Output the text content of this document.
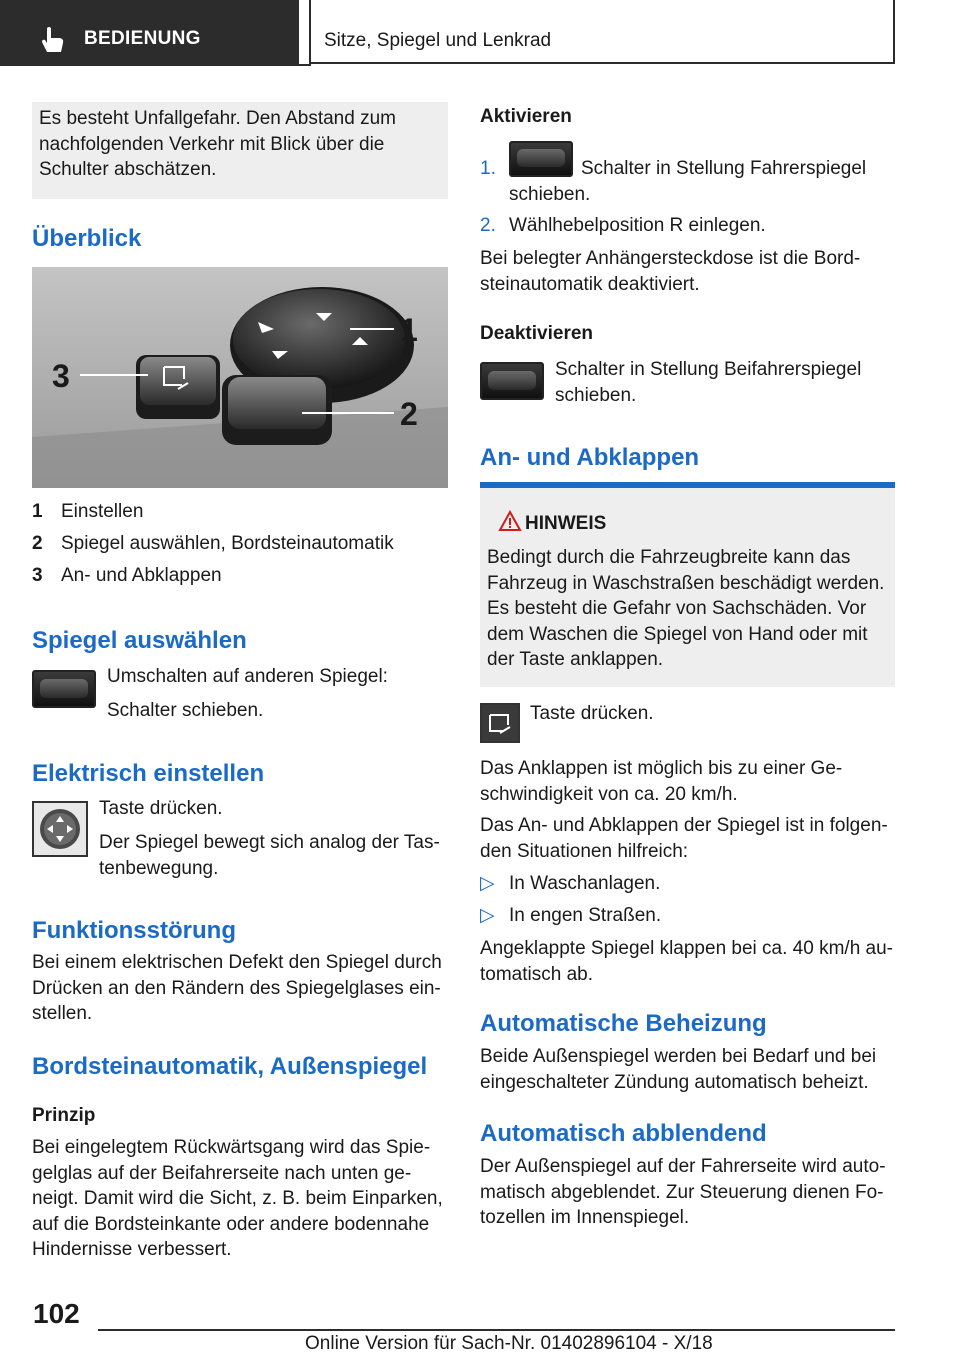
BEDIENUNG	Sitze, Spiegel und Lenkrad
Es besteht Unfallgefahr. Den Abstand zum nachfolgenden Verkehr mit Blick über die Schulter abschätzen.
Überblick
1
2
3
1 Einstellen
2 Spiegel auswählen, Bordsteinautomatik
3 An- und Abklappen
Spiegel auswählen
Umschalten auf anderen Spiegel:
Schalter schieben.
Elektrisch einstellen
Taste drücken.
Der Spiegel bewegt sich analog der Tas-tenbewegung.
Funktionsstörung
Bei einem elektrischen Defekt den Spiegel durch Drücken an den Rändern des Spiegelglases ein-stellen.
Bordsteinautomatik, Außenspiegel
Prinzip
Bei eingelegtem Rückwärtsgang wird das Spie-gelglas auf der Beifahrerseite nach unten ge-neigt. Damit wird die Sicht, z. B. beim Einparken, auf die Bordsteinkante oder andere bodennahe Hindernisse verbessert.
Aktivieren
1.	Schalter in Stellung Fahrerspiegel schieben.
2. Wählhebelposition R einlegen.
Bei belegter Anhängersteckdose ist die Bord-steinautomatik deaktiviert.
Deaktivieren
Schalter in Stellung Beifahrerspiegel schieben.
An- und Abklappen
HINWEIS
Bedingt durch die Fahrzeugbreite kann das Fahrzeug in Waschstraßen beschädigt werden. Es besteht die Gefahr von Sachschäden. Vor dem Waschen die Spiegel von Hand oder mit der Taste anklappen.
Taste drücken.
Das Anklappen ist möglich bis zu einer Ge-schwindigkeit von ca. 20 km/h.
Das An- und Abklappen der Spiegel ist in folgen-den Situationen hilfreich:
▷ In Waschanlagen.
▷ In engen Straßen.
Angeklappte Spiegel klappen bei ca. 40 km/h au-tomatisch ab.
Automatische Beheizung
Beide Außenspiegel werden bei Bedarf und bei eingeschalteter Zündung automatisch beheizt.
Automatisch abblendend
Der Außenspiegel auf der Fahrerseite wird auto-matisch abgeblendet. Zur Steuerung dienen Fo-tozellen im Innenspiegel.
102
Online Version für Sach-Nr. 01402896104 - X/18
